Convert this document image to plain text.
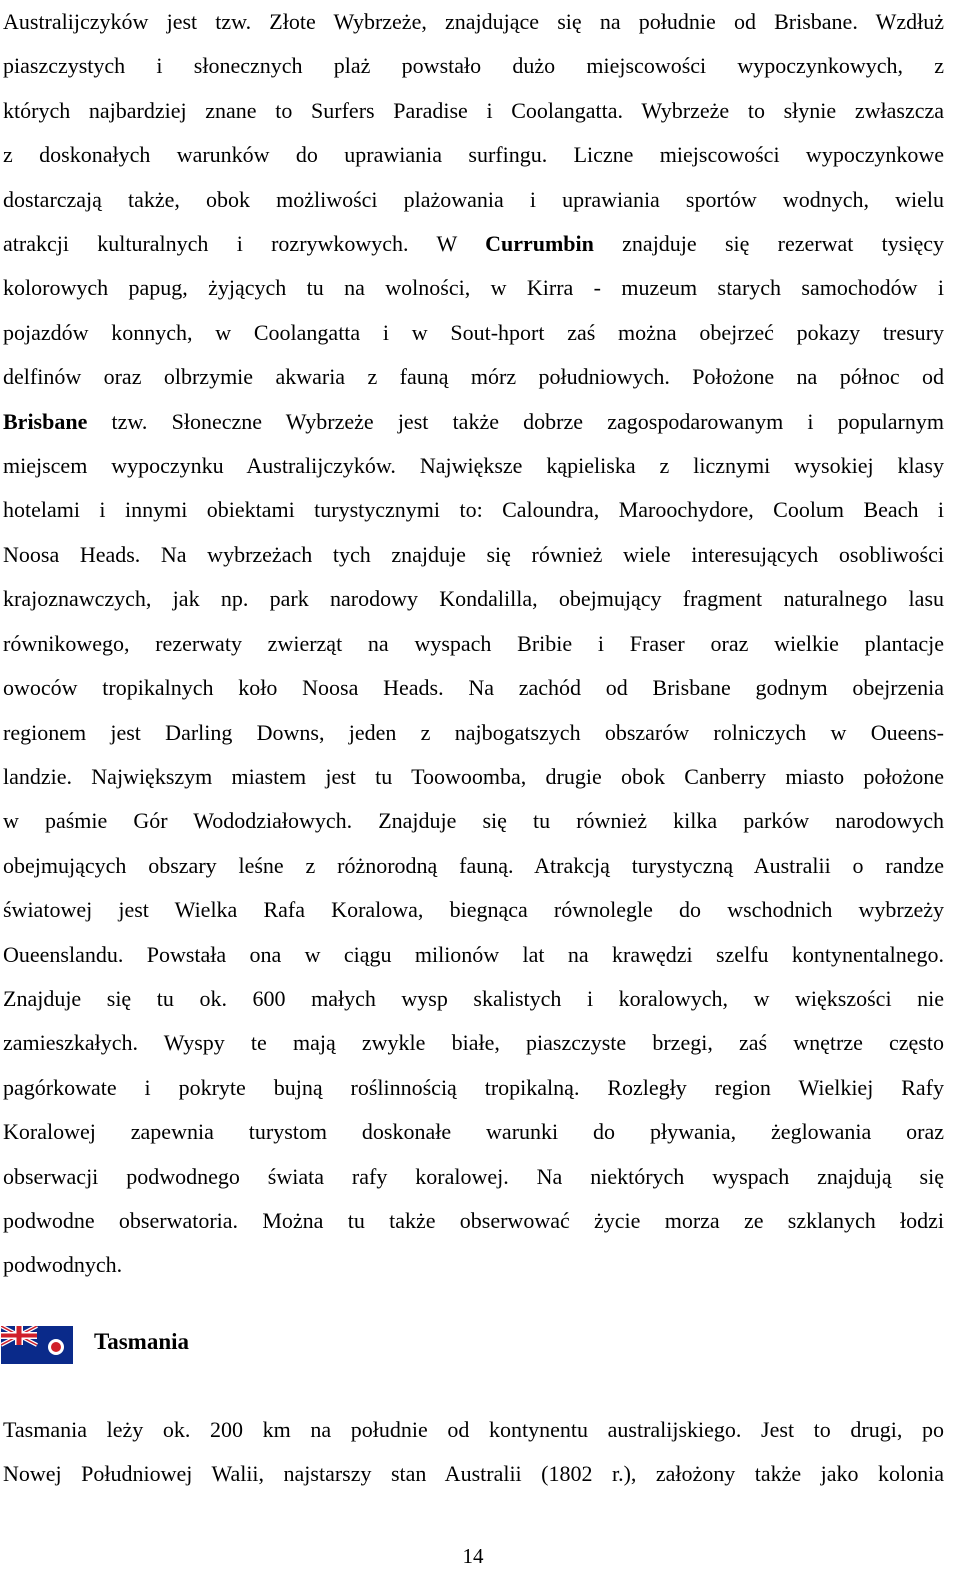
Australijczyków jest tzw. Złote Wybrzeże, znajdujące się na południe od Brisbane. Wzdłuż
piaszczystych i słonecznych plaż powstało dużo miejscowości wypoczynkowych, z
których najbardziej znane to Surfers Paradise i Coolangatta. Wybrzeże to słynie zwłaszcza
z doskonałych warunków do uprawiania surfingu. Liczne miejscowości wypoczynkowe
dostarczają także, obok możliwości plażowania i uprawiania sportów wodnych, wielu
atrakcji kulturalnych i rozrywkowych. W Currumbin znajduje się rezerwat tysięcy
kolorowych papug, żyjących tu na wolności, w Kirra - muzeum starych samochodów i
pojazdów konnych, w Coolangatta i w Sout-hport zaś można obejrzeć pokazy tresury
delfinów oraz olbrzymie akwaria z fauną mórz południowych. Położone na północ od
Brisbane tzw. Słoneczne Wybrzeże jest także dobrze zagospodarowanym i popularnym
miejscem wypoczynku Australijczyków. Największe kąpieliska z licznymi wysokiej klasy
hotelami i innymi obiektami turystycznymi to: Caloundra, Maroochydore, Coolum Beach i
Noosa Heads. Na wybrzeżach tych znajduje się również wiele interesujących osobliwości
krajoznawczych, jak np. park narodowy Kondalilla, obejmujący fragment naturalnego lasu
równikowego, rezerwaty zwierząt na wyspach Bribie i Fraser oraz wielkie plantacje
owoców tropikalnych koło Noosa Heads. Na zachód od Brisbane godnym obejrzenia
regionem jest Darling Downs, jeden z najbogatszych obszarów rolniczych w Oueens-
landzie. Największym miastem jest tu Toowoomba, drugie obok Canberry miasto położone
w paśmie Gór Wododziałowych. Znajduje się tu również kilka parków narodowych
obejmujących obszary leśne z różnorodną fauną. Atrakcją turystyczną Australii o randze
światowej jest Wielka Rafa Koralowa, biegnąca równolegle do wschodnich wybrzeży
Oueenslandu. Powstała ona w ciągu milionów lat na krawędzi szelfu kontynentalnego.
Znajduje się tu ok. 600 małych wysp skalistych i koralowych, w większości nie
zamieszkałych. Wyspy te mają zwykle białe, piaszczyste brzegi, zaś wnętrze często
pagórkowate i pokryte bujną roślinnością tropikalną. Rozległy region Wielkiej Rafy
Koralowej zapewnia turystom doskonałe warunki do pływania, żeglowania oraz
obserwacji podwodnego świata rafy koralowej. Na niektórych wyspach znajdują się
podwodne obserwatoria. Można tu także obserwować życie morza ze szklanych łodzi
podwodnych.
Tasmania
Tasmania leży ok. 200 km na południe od kontynentu australijskiego. Jest to drugi, po
Nowej Południowej Walii, najstarszy stan Australii (1802 r.), założony także jako kolonia
14
